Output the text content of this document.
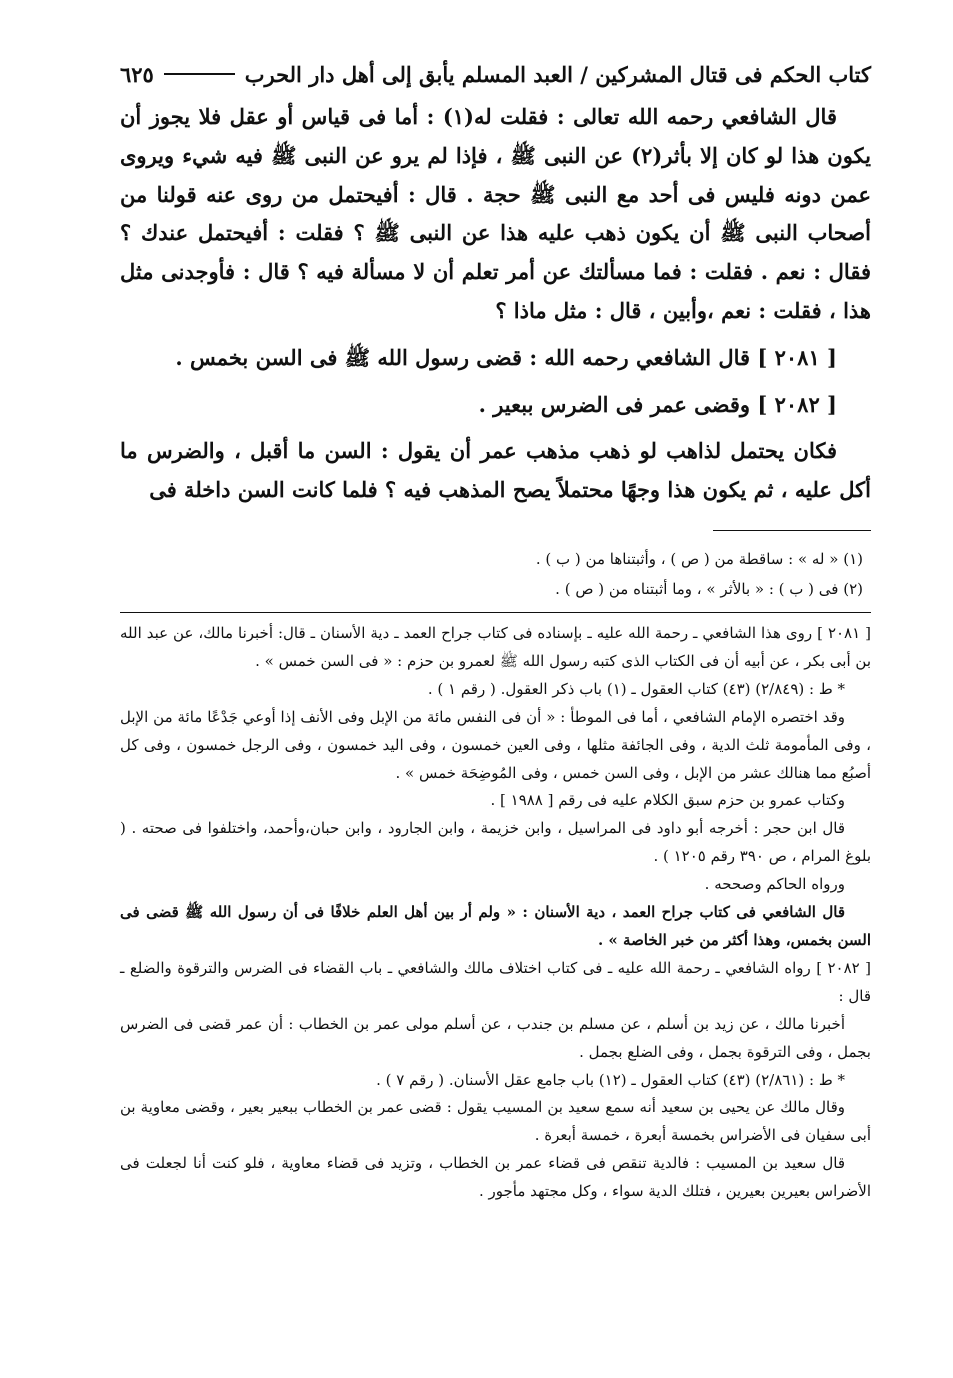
كتاب الحكم فى قتال المشركين / العبد المسلم يأبق إلى أهل دار الحرب
٦٢٥

قال الشافعي رحمه الله تعالى : فقلت له(١) : أما فى قياس أو عقل فلا يجوز أن يكون هذا لو كان إلا بأثر(٢) عن النبى ﷺ ، فإذا لم يرو عن النبى ﷺ فيه شيء ويروى عمن دونه فليس فى أحد مع النبى ﷺ حجة . قال : أفيحتمل من روى عنه قولنا من أصحاب النبى ﷺ أن يكون ذهب عليه هذا عن النبى ﷺ ؟ فقلت : أفيحتمل عندك ؟ فقال : نعم . فقلت : فما مسألتك عن أمر تعلم أن لا مسألة فيه ؟ قال : فأوجدنى مثل هذا ، فقلت : نعم ،وأبين ، قال : مثل ماذا ؟

[ ٢٠٨١ ] قال الشافعي رحمه الله : قضى رسول الله ﷺ فى السن بخمس .

[ ٢٠٨٢ ] وقضى عمر فى الضرس ببعير .

فكان يحتمل لذاهب لو ذهب مذهب عمر أن يقول : السن ما أقبل ، والضرس ما أكل عليه ، ثم يكون هذا وجهًا محتملاً يصح المذهب فيه ؟ فلما كانت السن داخلة فى

(١) « له » : ساقطة من ( ص ) ، وأثبتناها من ( ب ) .

(٢) فى ( ب ) : « بالأثر » ، وما أثبتناه من ( ص ) .

[ ٢٠٨١ ] روى هذا الشافعي ـ رحمة الله عليه ـ بإسناده فى كتاب جراح العمد ـ دية الأسنان ـ قال: أخبرنا مالك، عن عبد الله بن أبى بكر ، عن أبيه أن فى الكتاب الذى كتبه رسول الله ﷺ لعمرو بن حزم : « فى السن خمس » .

* ط : (٢/٨٤٩) (٤٣) كتاب العقول ـ (١) باب ذكر العقول. ( رقم ١ ) .

وقد اختصره الإمام الشافعي ، أما فى الموطأ : « أن فى النفس مائة من الإبل وفى الأنف إذا أوعي جَدْعًا مائة من الإبل ، وفى المأمومة ثلث الدية ، وفى الجائفة مثلها ، وفى العين خمسون ، وفى اليد خمسون ، وفى الرجل خمسون ، وفى كل أصبُع مما هنالك عشر من الإبل ، وفى السن خمس ، وفى المُوضِحَة خمس » .

وكتاب عمرو بن حزم سبق الكلام عليه فى رقم [ ١٩٨٨ ] .

قال ابن حجر : أخرجه أبو داود فى المراسيل ، وابن خزيمة ، وابن الجارود ، وابن حبان،وأحمد، واختلفوا فى صحته . ( بلوغ المرام ، ص ٣٩٠ رقم ١٢٠٥ ) .

ورواه الحاكم وصححه .

قال الشافعي فى كتاب جراح العمد ، دية الأسنان : « ولم أر بين أهل العلم خلافًا فى أن رسول الله ﷺ قضى فى السن بخمس، وهذا أكثر من خبر الخاصة » .

[ ٢٠٨٢ ] رواه الشافعي ـ رحمة الله عليه ـ فى كتاب اختلاف مالك والشافعي ـ باب القضاء فى الضرس والترقوة والضلع ـ قال :

أخبرنا مالك ، عن زيد بن أسلم ، عن مسلم بن جندب ، عن أسلم مولى عمر بن الخطاب : أن عمر قضى فى الضرس بجمل ، وفى الترقوة بجمل ، وفى الضلع بجمل .

* ط : (٢/٨٦١) (٤٣) كتاب العقول ـ (١٢) باب جامع عقل الأسنان. ( رقم ٧ ) .

وقال مالك عن يحيى بن سعيد أنه سمع سعيد بن المسيب يقول : قضى عمر بن الخطاب ببعير بعير ، وقضى معاوية بن أبى سفيان فى الأضراس بخمسة أبعرة ، خمسة أبعرة .

قال سعيد بن المسيب : فالدية تنقص فى قضاء عمر بن الخطاب ، وتزيد فى قضاء معاوية ، فلو كنت أنا لجعلت فى الأضراس بعيرين بعيرين ، فتلك الدية سواء ، وكل مجتهد مأجور .
